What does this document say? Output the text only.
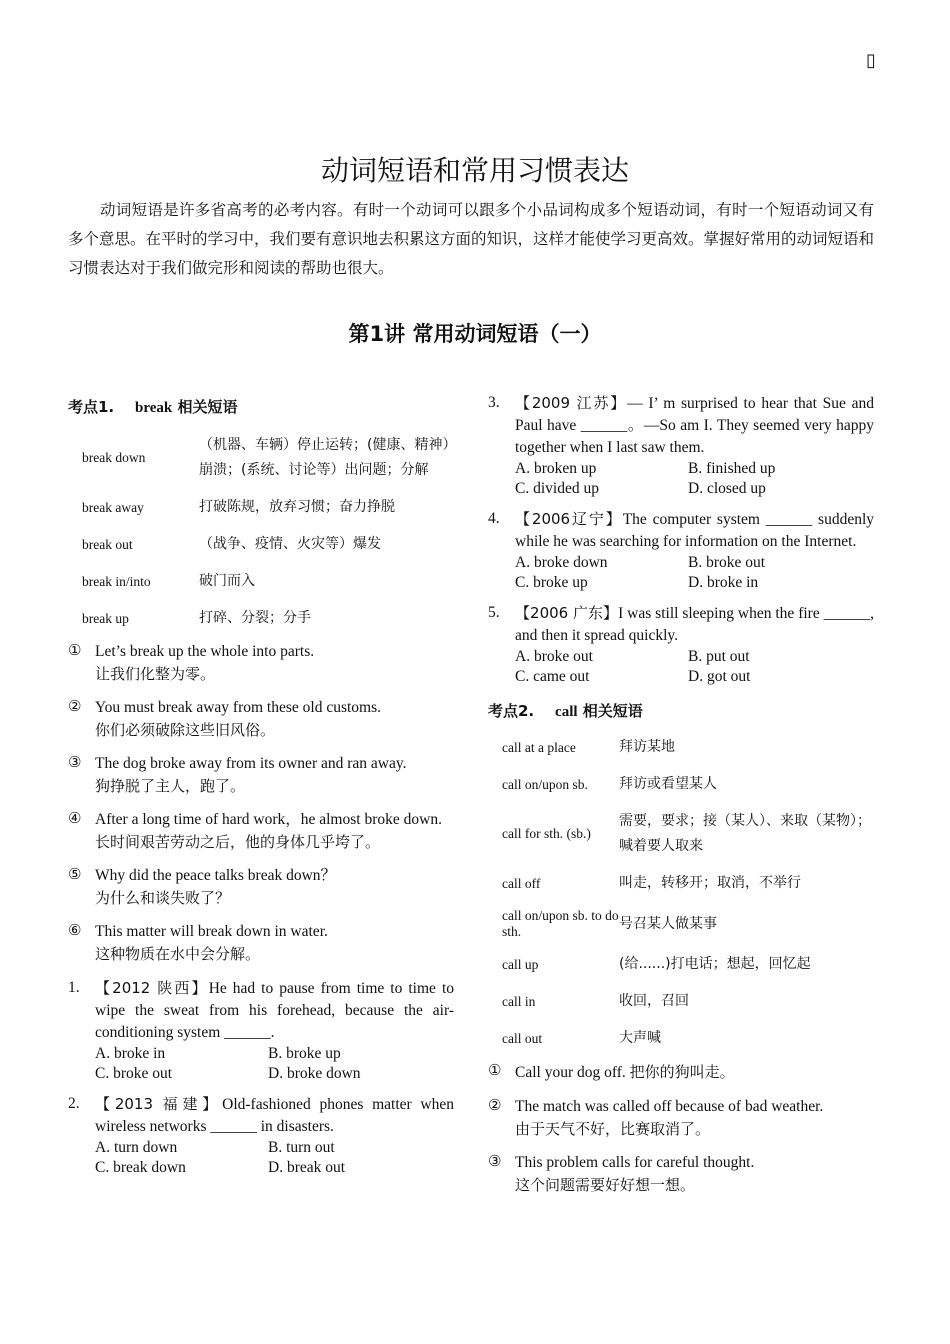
▯
动词短语和常用习惯表达

动词短语是许多省高考的必考内容。有时一个动词可以跟多个小品词构成多个短语动词，有时一个短语动词又有多个意思。在平时的学习中，我们要有意识地去积累这方面的知识，这样才能使学习更高效。掌握好常用的动词短语和习惯表达对于我们做完形和阅读的帮助也很大。

第1讲 常用动词短语（一）
考点1. break 相关短语
break down	（机器、车辆）停止运转；(健康、精神）崩溃；(系统、讨论等）出问题；分解
break away	打破陈规，放弃习惯；奋力挣脱
break out	（战争、疫情、火灾等）爆发
break in/into	破门而入
break up	打碎、分裂；分手
① Let’s break up the whole into parts.
让我们化整为零。
② You must break away from these old customs.
你们必须破除这些旧风俗。
③ The dog broke away from its owner and ran away.
狗挣脱了主人，跑了。
④ After a long time of hard work，he almost broke down.
长时间艰苦劳动之后，他的身体几乎垮了。
⑤ Why did the peace talks break down？
为什么和谈失败了？
⑥ This matter will break down in water.
这种物质在水中会分解。
1.	【2012 陕西】He had to pause from time to time to wipe the sweat from his forehead, because the air-conditioning system ______.
A. broke in	B. broke up
C. broke out	D. broke down
2.	【2013 福建】Old-fashioned phones matter when wireless networks ______ in disasters.
A. turn down	B. turn out
C. break down	D. break out
3.	【2009 江苏】— I’ m surprised to hear that Sue and Paul have ______。—So am I. They seemed very happy together when I last saw them.
A. broken up	B. finished up
C. divided up	D. closed up
4.	【2006辽宁】The computer system ______ suddenly while he was searching for information on the Internet.
A. broke down	B. broke out
C. broke up	D. broke in
5.	【2006 广东】I was still sleeping when the fire ______, and then it spread quickly.
A. broke out	B. put out
C. came out	D. got out
考点2. call 相关短语
call at a place	拜访某地
call on/upon sb.	拜访或看望某人
call for sth. (sb.)	需要，要求；接（某人）、来取（某物）；喊着要人取来
call off	叫走，转移开；取消，不举行
call on/upon sb. to do sth.	号召某人做某事
call up	(给......)打电话；想起，回忆起
call in	收回，召回
call out	大声喊
① Call your dog off. 把你的狗叫走。
② The match was called off because of bad weather.
由于天气不好，比赛取消了。
③ This problem calls for careful thought.
这个问题需要好好想一想。
